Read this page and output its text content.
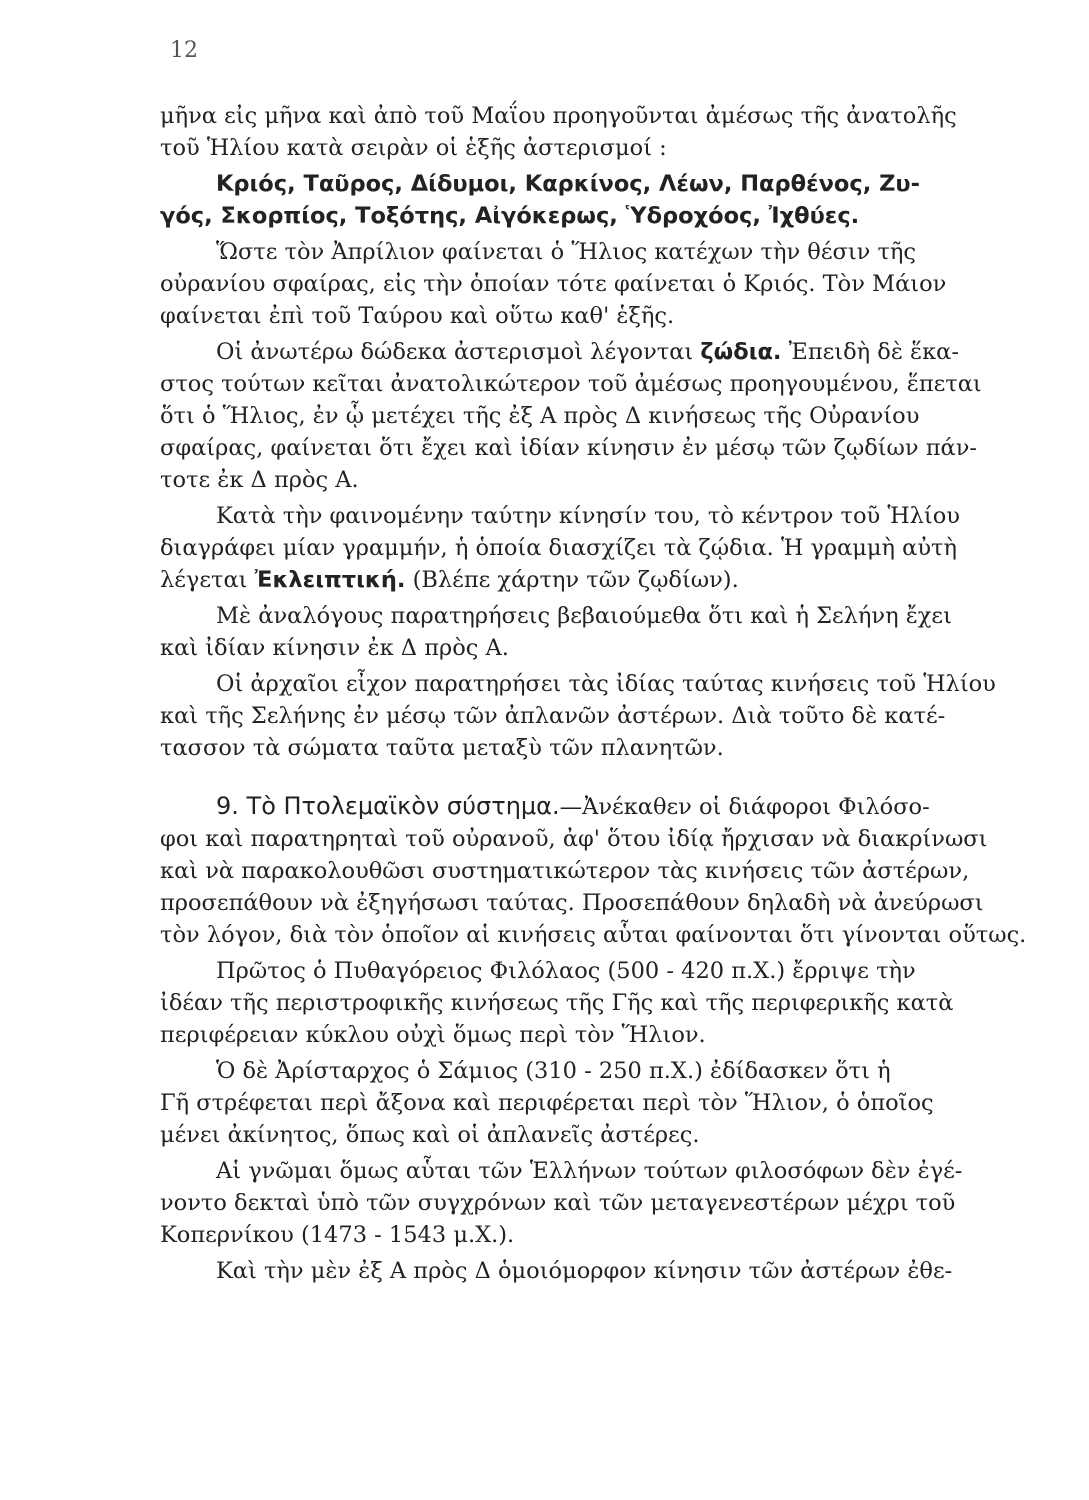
12
μῆνα εἰς μῆνα καὶ ἀπὸ τοῦ Μαΐου προηγοῦνται ἀμέσως τῆς ἀνατολῆς
τοῦ Ἡλίου κατὰ σειρὰν οἱ ἑξῆς ἀστερισμοί :
Κριός, Ταῦρος, Δίδυμοι, Καρκίνος, Λέων, Παρθένος, Ζυ-
γός, Σκορπίος, Τοξότης, Αἰγόκερως, Ὑδροχόος, Ἰχθύες.
Ὥστε τὸν Ἀπρίλιον φαίνεται ὁ Ἥλιος κατέχων τὴν θέσιν τῆς
οὐρανίου σφαίρας, εἰς τὴν ὁποίαν τότε φαίνεται ὁ Κριός. Τὸν Μάιον
φαίνεται ἐπὶ τοῦ Ταύρου καὶ οὕτω καθ' ἑξῆς.
Οἱ ἀνωτέρω δώδεκα ἀστερισμοὶ λέγονται ζώδια. Ἐπειδὴ δὲ ἕκα-
στος τούτων κεῖται ἀνατολικώτερον τοῦ ἀμέσως προηγουμένου, ἕπεται
ὅτι ὁ Ἥλιος, ἐν ᾧ μετέχει τῆς ἐξ Α πρὸς Δ κινήσεως τῆς Οὐρανίου
σφαίρας, φαίνεται ὅτι ἔχει καὶ ἰδίαν κίνησιν ἐν μέσῳ τῶν ζῳδίων πάν-
τοτε ἐκ Δ πρὸς Α.
Κατὰ τὴν φαινομένην ταύτην κίνησίν του, τὸ κέντρον τοῦ Ἡλίου
διαγράφει μίαν γραμμήν, ἡ ὁποία διασχίζει τὰ ζῴδια. Ἡ γραμμὴ αὐτὴ
λέγεται Ἐκλειπτική. (Βλέπε χάρτην τῶν ζῳδίων).
Μὲ ἀναλόγους παρατηρήσεις βεβαιούμεθα ὅτι καὶ ἡ Σελήνη ἔχει
καὶ ἰδίαν κίνησιν ἐκ Δ πρὸς Α.
Οἱ ἀρχαῖοι εἶχον παρατηρήσει τὰς ἰδίας ταύτας κινήσεις τοῦ Ἡλίου
καὶ τῆς Σελήνης ἐν μέσῳ τῶν ἀπλανῶν ἀστέρων. Διὰ τοῦτο δὲ κατέ-
τασσον τὰ σώματα ταῦτα μεταξὺ τῶν πλανητῶν.
9. Τὸ Πτολεμαϊκὸν σύστημα.—Ἀνέκαθεν οἱ διάφοροι Φιλόσο-
φοι καὶ παρατηρηταὶ τοῦ οὐρανοῦ, ἀφ' ὅτου ἰδίᾳ ἤρχισαν νὰ διακρίνωσι
καὶ νὰ παρακολουθῶσι συστηματικώτερον τὰς κινήσεις τῶν ἀστέρων,
προσεπάθουν νὰ ἐξηγήσωσι ταύτας. Προσεπάθουν δηλαδὴ νὰ ἀνεύρωσι
τὸν λόγον, διὰ τὸν ὁποῖον αἱ κινήσεις αὗται φαίνονται ὅτι γίνονται οὕτως.
Πρῶτος ὁ Πυθαγόρειος Φιλόλαος (500 - 420 π.Χ.) ἔρριψε τὴν
ἰδέαν τῆς περιστροφικῆς κινήσεως τῆς Γῆς καὶ τῆς περιφερικῆς κατὰ
περιφέρειαν κύκλου οὐχὶ ὅμως περὶ τὸν Ἥλιον.
Ὁ δὲ Ἀρίσταρχος ὁ Σάμιος (310 - 250 π.Χ.) ἐδίδασκεν ὅτι ἡ
Γῆ στρέφεται περὶ ἄξονα καὶ περιφέρεται περὶ τὸν Ἥλιον, ὁ ὁποῖος
μένει ἀκίνητος, ὅπως καὶ οἱ ἀπλανεῖς ἀστέρες.
Αἱ γνῶμαι ὅμως αὗται τῶν Ἑλλήνων τούτων φιλοσόφων δὲν ἐγέ-
νοντο δεκταὶ ὑπὸ τῶν συγχρόνων καὶ τῶν μεταγενεστέρων μέχρι τοῦ
Κοπερνίκου (1473 - 1543 μ.Χ.).
Καὶ τὴν μὲν ἐξ Α πρὸς Δ ὁμοιόμορφον κίνησιν τῶν ἀστέρων ἐθε-
